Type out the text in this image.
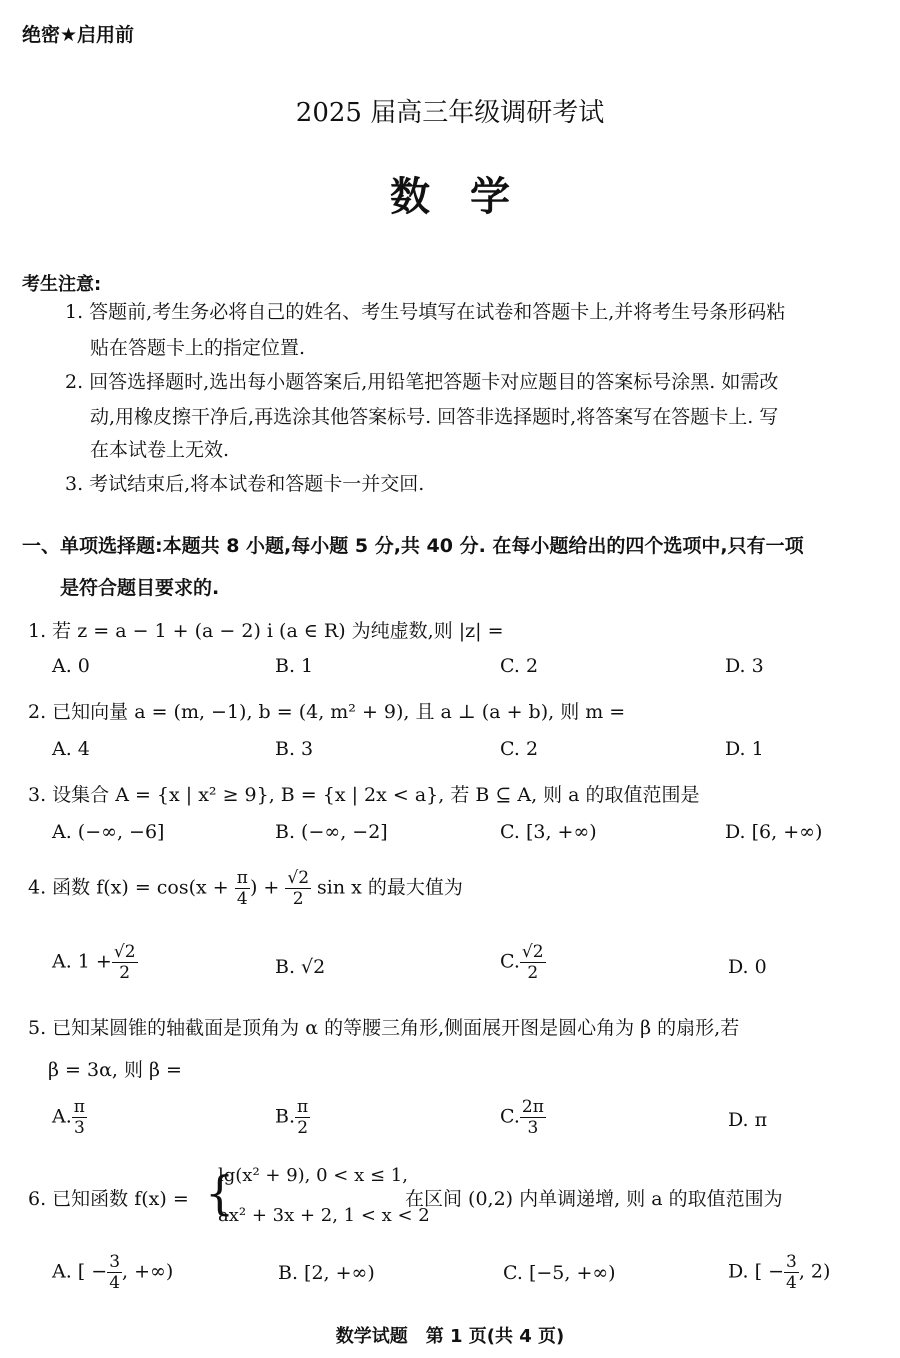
绝密★启用前
2025 届高三年级调研考试
数学
考生注意:
1. 答题前,考生务必将自己的姓名、考生号填写在试卷和答题卡上,并将考生号条形码粘
贴在答题卡上的指定位置.
2. 回答选择题时,选出每小题答案后,用铅笔把答题卡对应题目的答案标号涂黑. 如需改
动,用橡皮擦干净后,再选涂其他答案标号. 回答非选择题时,将答案写在答题卡上. 写
在本试卷上无效.
3. 考试结束后,将本试卷和答题卡一并交回.
一、单项选择题:本题共 8 小题,每小题 5 分,共 40 分. 在每小题给出的四个选项中,只有一项
是符合题目要求的.
1. 若 z = a − 1 + (a − 2) i (a ∈ R) 为纯虚数,则 |z| =
A. 0	B. 1	C. 2	D. 3
2. 已知向量 a = (m, −1), b = (4, m² + 9), 且 a ⊥ (a + b), 则 m =
A. 4	B. 3	C. 2	D. 1
3. 设集合 A = {x | x² ≥ 9}, B = {x | 2x < a}, 若 B ⊆ A, 则 a 的取值范围是
A. (−∞, −6]	B. (−∞, −2]	C. [3, +∞)	D. [6, +∞)
4. 函数 $f(x) = \cos(x + \frac{\pi}{4}$ ) + $\frac{√2}{2}$ sin x 的最大值为
A. $1 + \frac{√2}{2}$	B. √2	C. $\frac{√2}{2}$	D. 0
5. 已知某圆锥的轴截面是顶角为 α 的等腰三角形,侧面展开图是圆心角为 β 的扇形,若
β = 3α, 则 β =
A. $\frac{\pi}{3}$	B. $\frac{\pi}{2}$	C. $\frac{2\pi}{3}$	D. π
6. 已知函数 f(x) = {
lg(x² + 9), 0 < x ≤ 1,
ax² + 3x + 2, 1 < x < 2
在区间 (0,2) 内单调递增, 则 a 的取值范围为
A. [ − $\frac{3}{4}$ , +∞)	B. [2, +∞)	C. [−5, +∞)	D. [ − $\frac{3}{4}$ , 2)
数学试题　第 1 页(共 4 页)
